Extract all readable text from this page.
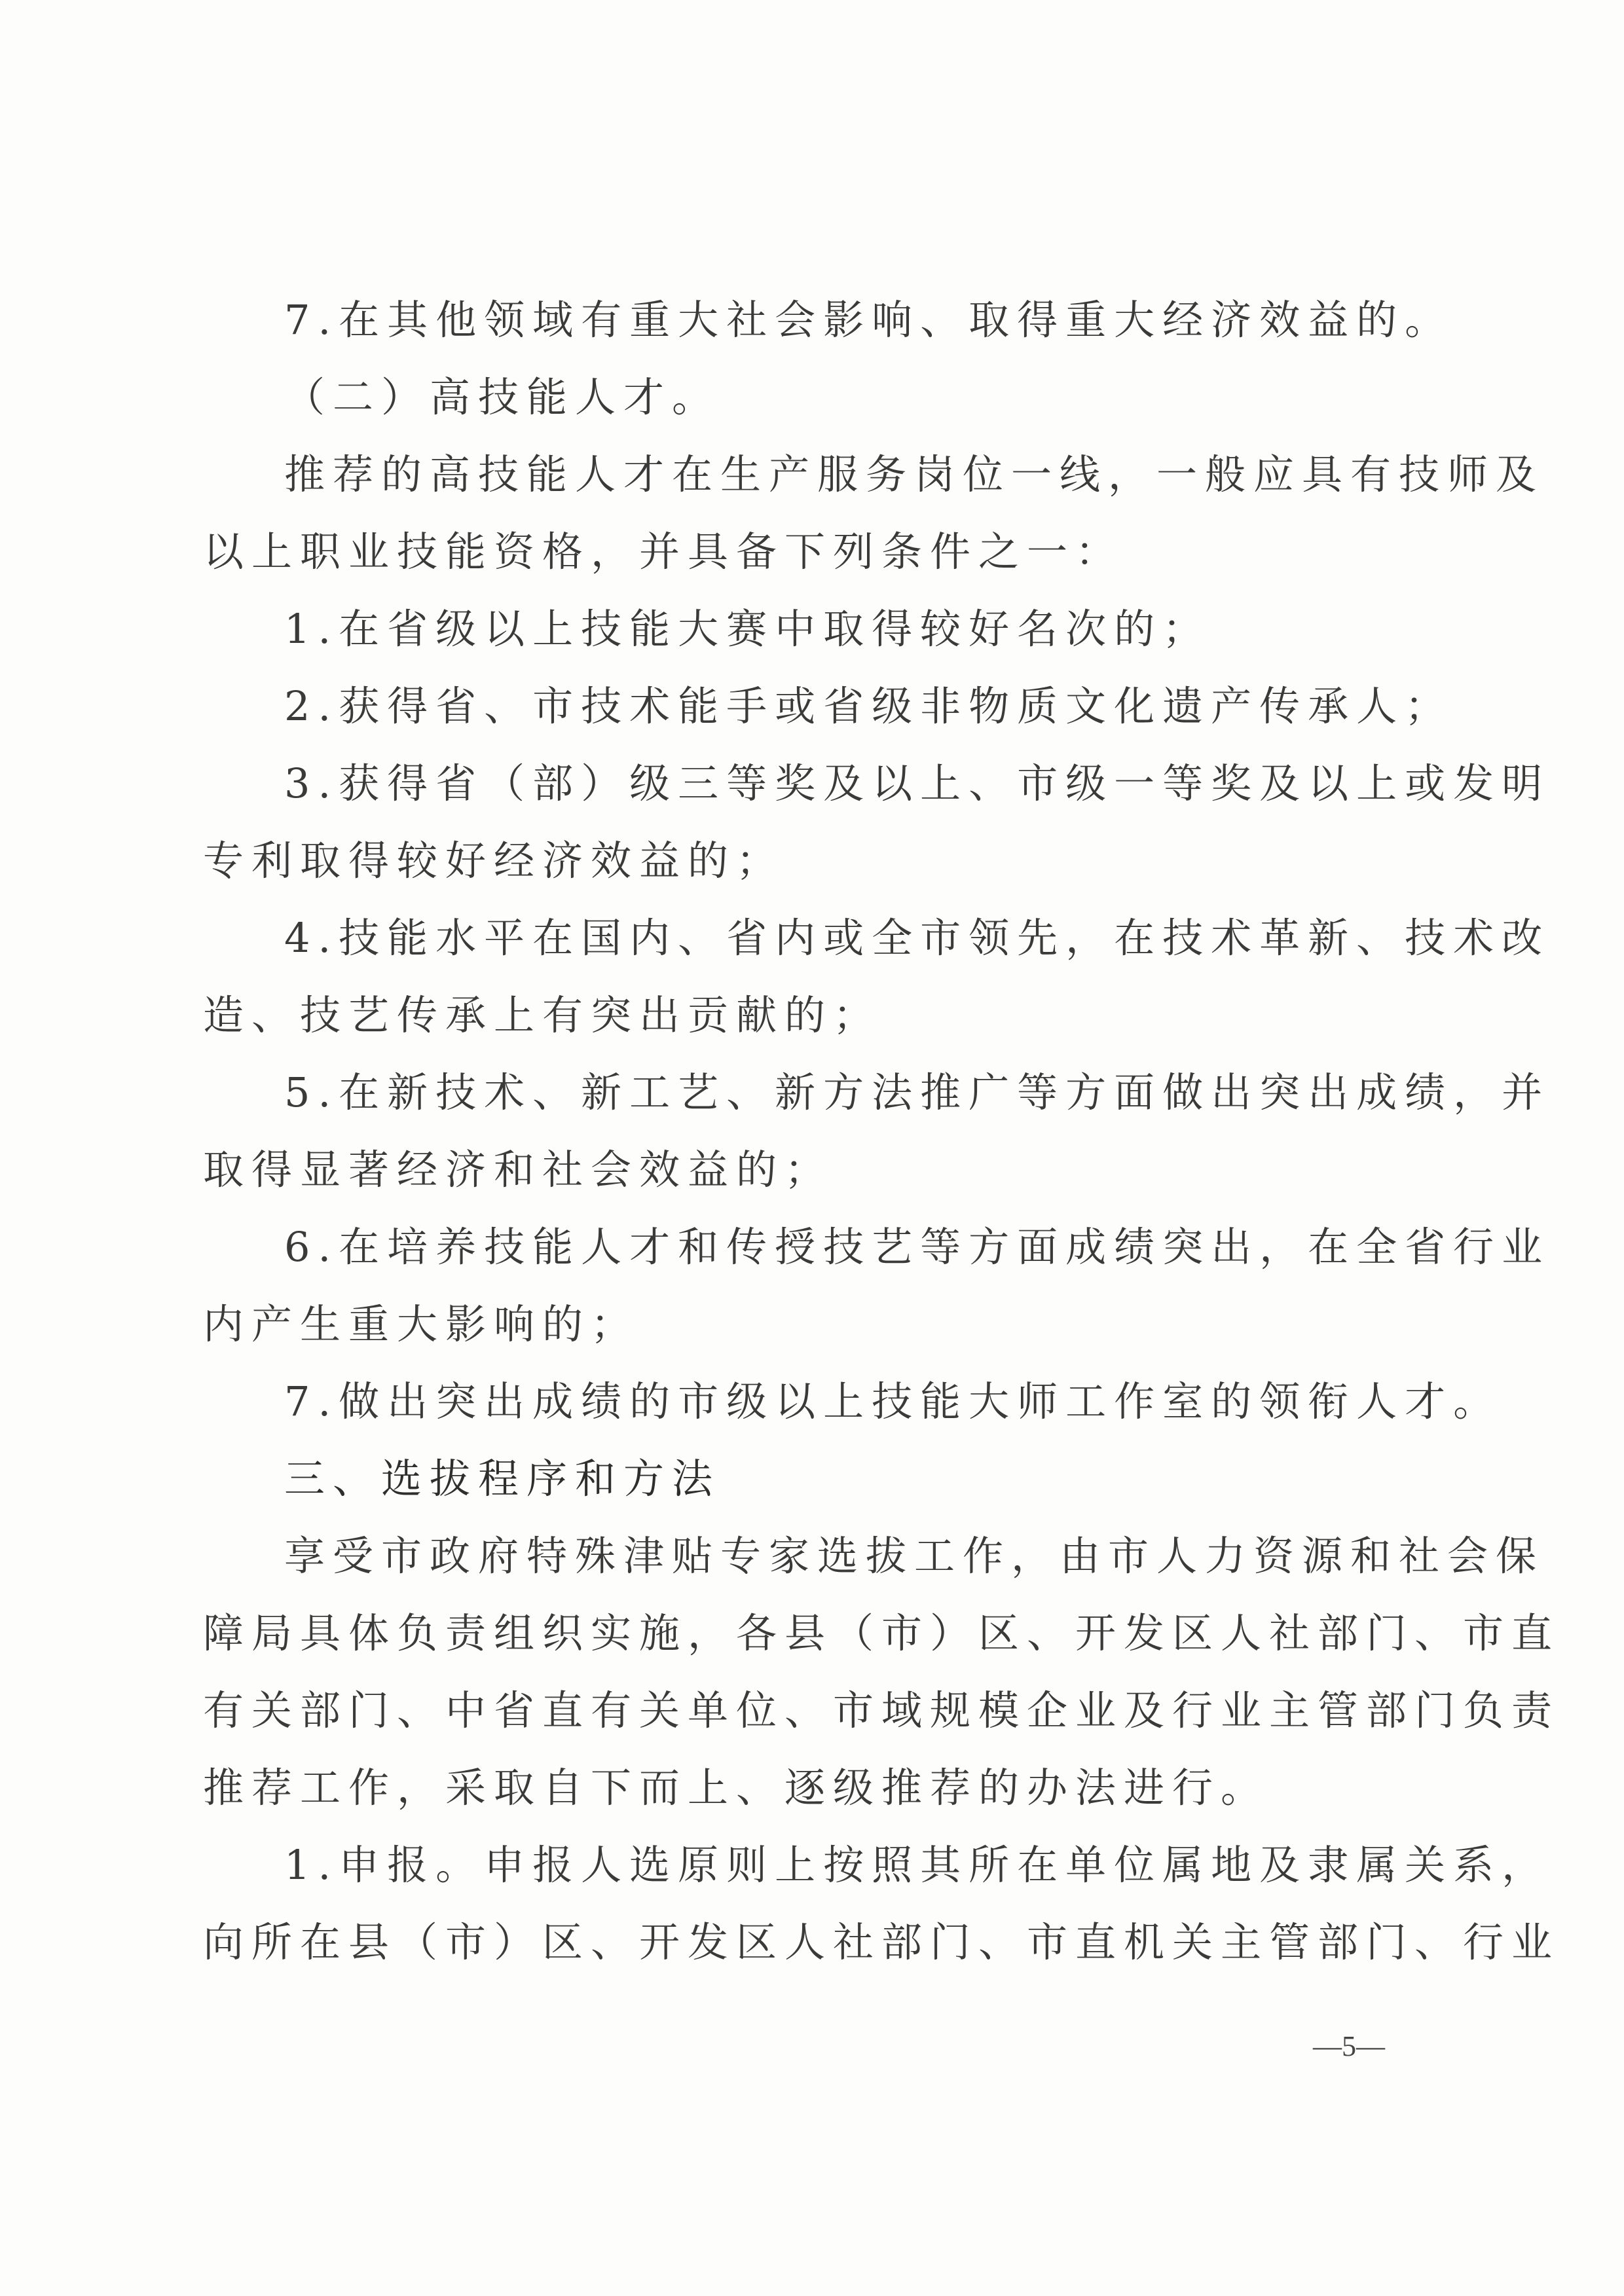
7.在其他领域有重大社会影响、取得重大经济效益的。
（二）高技能人才。
推荐的高技能人才在生产服务岗位一线，一般应具有技师及
以上职业技能资格，并具备下列条件之一：
1.在省级以上技能大赛中取得较好名次的；
2.获得省、市技术能手或省级非物质文化遗产传承人；
3.获得省（部）级三等奖及以上、市级一等奖及以上或发明
专利取得较好经济效益的；
4.技能水平在国内、省内或全市领先，在技术革新、技术改
造、技艺传承上有突出贡献的；
5.在新技术、新工艺、新方法推广等方面做出突出成绩，并
取得显著经济和社会效益的；
6.在培养技能人才和传授技艺等方面成绩突出，在全省行业
内产生重大影响的；
7.做出突出成绩的市级以上技能大师工作室的领衔人才。
三、选拔程序和方法
享受市政府特殊津贴专家选拔工作，由市人力资源和社会保
障局具体负责组织实施，各县（市）区、开发区人社部门、市直
有关部门、中省直有关单位、市域规模企业及行业主管部门负责
推荐工作，采取自下而上、逐级推荐的办法进行。
1.申报。申报人选原则上按照其所在单位属地及隶属关系，
向所在县（市）区、开发区人社部门、市直机关主管部门、行业
—5—
